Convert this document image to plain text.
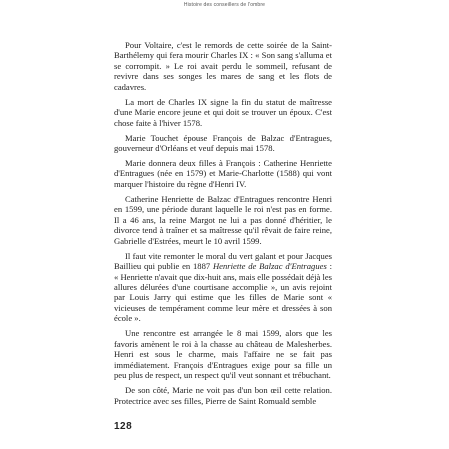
Histoire des conseillers de l'ombre

Pour Voltaire, c'est le remords de cette soirée de la Saint-Barthélemy qui fera mourir Charles IX : « Son sang s'alluma et se corrompit. » Le roi avait perdu le sommeil, refusant de revivre dans ses songes les mares de sang et les flots de cadavres.

La mort de Charles IX signe la fin du statut de maîtresse d'une Marie encore jeune et qui doit se trouver un époux. C'est chose faite à l'hiver 1578.

Marie Touchet épouse François de Balzac d'Entragues, gouverneur d'Orléans et veuf depuis mai 1578.

Marie donnera deux filles à François : Catherine Henriette d'Entragues (née en 1579) et Marie-Charlotte (1588) qui vont marquer l'histoire du règne d'Henri IV.

Catherine Henriette de Balzac d'Entragues rencontre Henri en 1599, une période durant laquelle le roi n'est pas en forme. Il a 46 ans, la reine Margot ne lui a pas donné d'héritier, le divorce tend à traîner et sa maîtresse qu'il rêvait de faire reine, Gabrielle d'Estrées, meurt le 10 avril 1599.

Il faut vite remonter le moral du vert galant et pour Jacques Baillieu qui publie en 1887 Henriette de Balzac d'Entragues : « Henriette n'avait que dix-huit ans, mais elle possédait déjà les allures délurées d'une courtisane accomplie », un avis rejoint par Louis Jarry qui estime que les filles de Marie sont « vicieuses de tempérament comme leur mère et dressées à son école ».

Une rencontre est arrangée le 8 mai 1599, alors que les favoris amènent le roi à la chasse au château de Malesherbes. Henri est sous le charme, mais l'affaire ne se fait pas immédiatement. François d'Entragues exige pour sa fille un peu plus de respect, un respect qu'il veut sonnant et trébuchant.

De son côté, Marie ne voit pas d'un bon œil cette relation. Protectrice avec ses filles, Pierre de Saint Romuald semble

128
